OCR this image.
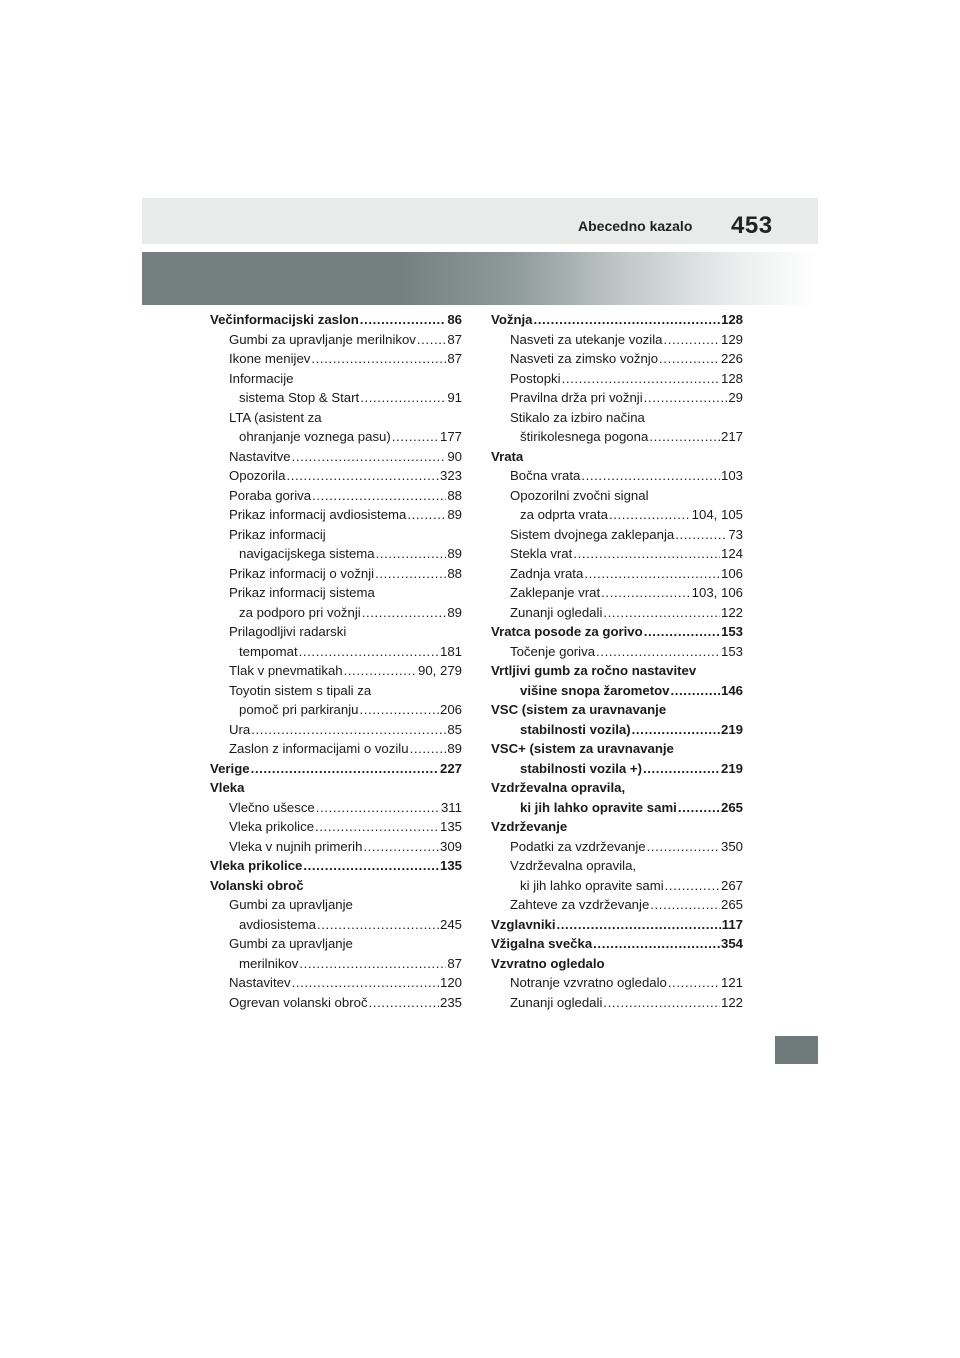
Abecedno kazalo 453
Večinformacijski zaslon .....	86
Gumbi za upravljanje merilnikov ..... 87
Ikone menijev .....	87
Informacije
sistema Stop & Start .....	91
LTA (asistent za
ohranjanje voznega pasu) .....	177
Nastavitve .....	90
Opozorila .....	323
Poraba goriva .....	88
Prikaz informacij avdiosistema .....	89
Prikaz informacij
navigacijskega sistema .....	89
Prikaz informacij o vožnji .....	88
Prikaz informacij sistema
za podporo pri vožnji .....	89
Prilagodljivi radarski
tempomat .....	181
Tlak v pnevmatikah .....	90, 279
Toyotin sistem s tipali za
pomoč pri parkiranju .....	206
Ura .....	85
Zaslon z informacijami o vozilu .....	89
Verige .....	227
Vleka
Vlečno ušesce .....	311
Vleka prikolice .....	135
Vleka v nujnih primerih .....	309
Vleka prikolice .....	135
Volanski obroč
Gumbi za upravljanje
avdiosistema .....	245
Gumbi za upravljanje
merilnikov .....	87
Nastavitev .....	120
Ogrevan volanski obroč .....	235
Vožnja .....	128
Nasveti za utekanje vozila .....	129
Nasveti za zimsko vožnjo .....	226
Postopki .....	128
Pravilna drža pri vožnji .....	29
Stikalo za izbiro načina
štirikolesnega pogona .....	217
Vrata
Bočna vrata .....	103
Opozorilni zvočni signal
za odprta vrata .....	104, 105
Sistem dvojnega zaklepanja .....	73
Stekla vrat .....	124
Zadnja vrata .....	106
Zaklepanje vrat .....	103, 106
Zunanji ogledali .....	122
Vratca posode za gorivo .....	153
Točenje goriva .....	153
Vrtljivi gumb za ročno nastavitev
višine snopa žarometov .....	146
VSC (sistem za uravnavanje
stabilnosti vozila) .....	219
VSC+ (sistem za uravnavanje
stabilnosti vozila +) .....	219
Vzdrževalna opravila,
ki jih lahko opravite sami .....	265
Vzdrževanje
Podatki za vzdrževanje .....	350
Vzdrževalna opravila,
ki jih lahko opravite sami .....	267
Zahteve za vzdrževanje .....	265
Vzglavniki .....	117
Vžigalna svečka .....	354
Vzvratno ogledalo
Notranje vzvratno ogledalo .....	121
Zunanji ogledali .....	122
